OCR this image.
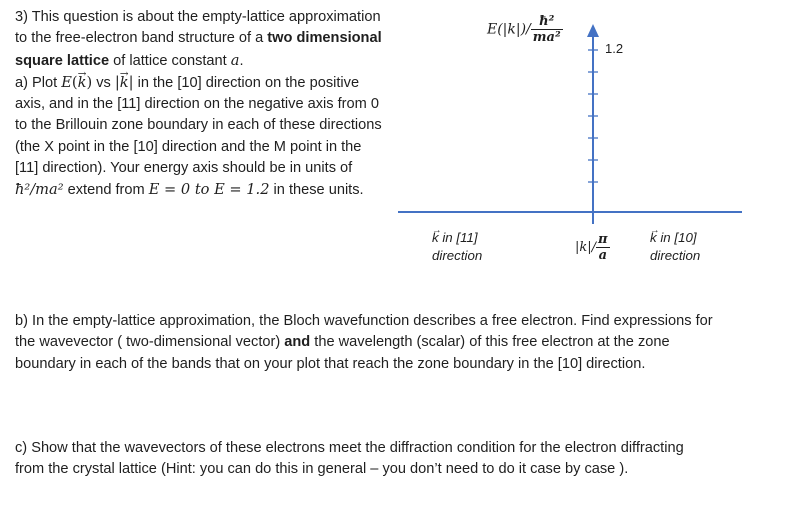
3) This question is about the empty-lattice approximation to the free-electron band structure of a two dimensional square lattice of lattice constant a.

a) Plot E(→ k) vs |→ k| in the [10] direction on the positive axis, and in the [11] direction on the negative axis from 0 to the Brillouin zone boundary in each of these directions (the X point in the [10] direction and the M point in the [11] direction). Your energy axis should be in units of ħ²/ma² extend from E = 0 to E = 1.2 in these units.

$E(|k|)/ \frac{\text{ħ²}}{\text{ma²}}$
1.2
→ k in [11]
direction
→ k in [10]
direction
$|k|/ \frac{\pi}{a}$

b) In the empty-lattice approximation, the Bloch wavefunction describes a free electron. Find expressions for the wavevector ( two-dimensional vector) and the wavelength (scalar) of this free electron at the zone boundary in each of the bands that on your plot that reach the zone boundary in the [10] direction.

c) Show that the wavevectors of these electrons meet the diffraction condition for the electron diffracting from the crystal lattice (Hint: you can do this in general – you don’t need to do it case by case ).
